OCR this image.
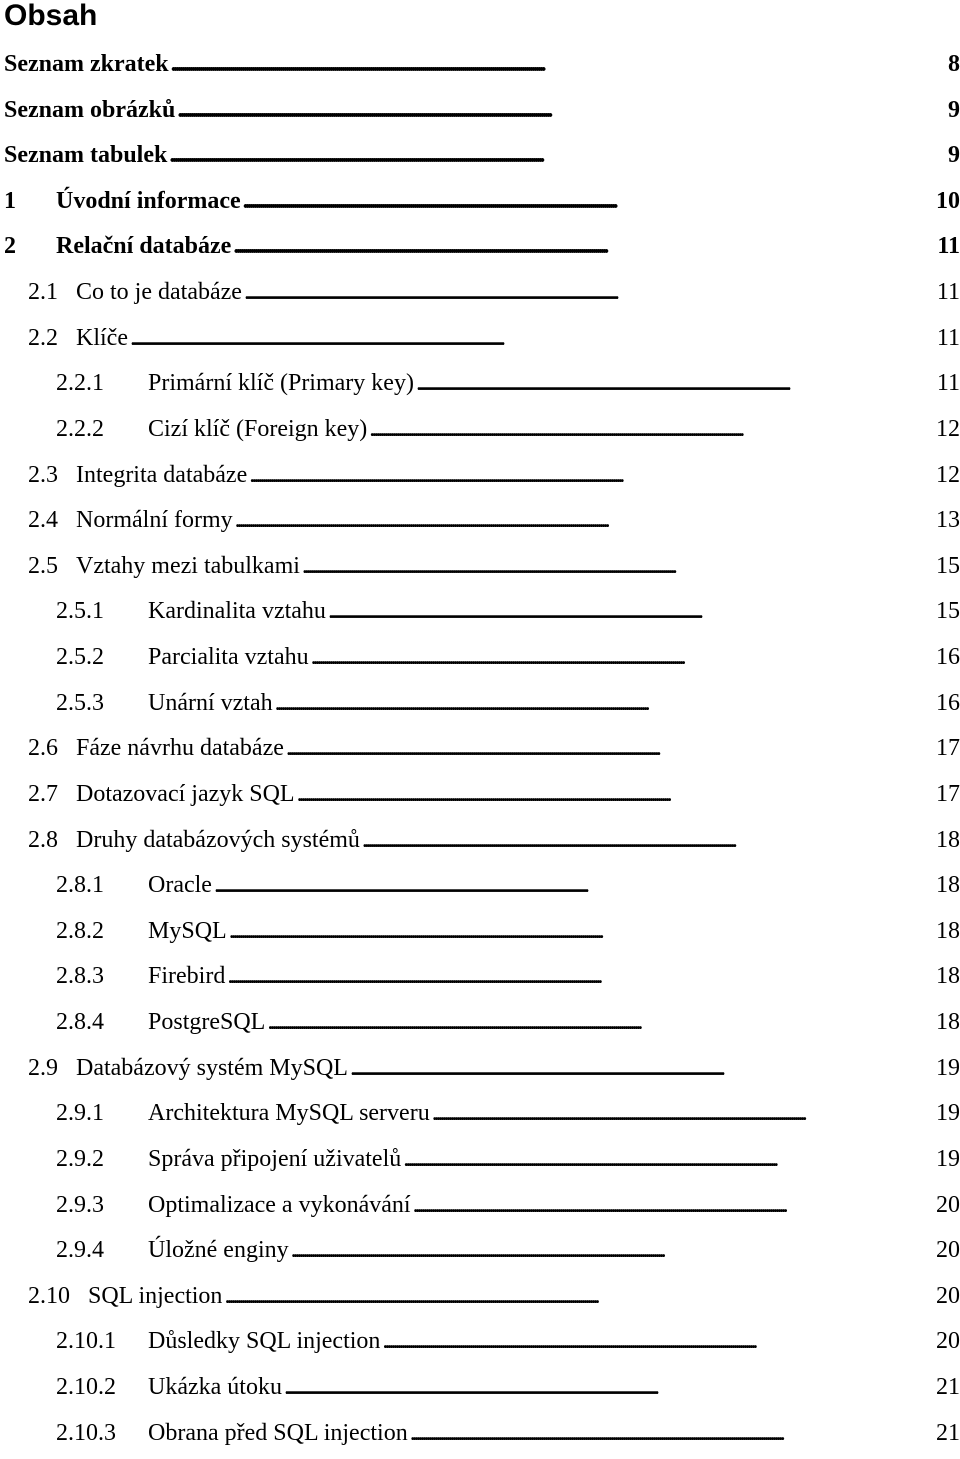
Obsah
Seznam zkratek . . .	8
Seznam obrázků . . .	9
Seznam tabulek . . .	9
1	Úvodní informace . . .	10
2	Relační databáze . . .	11
2.1 Co to je databáze . . .	11
2.2 Klíče . . .	11
2.2.1	Primární klíč (Primary key) . . .	11
2.2.2	Cizí klíč (Foreign key) . . .	12
2.3 Integrita databáze . . .	12
2.4 Normální formy . . .	13
2.5 Vztahy mezi tabulkami . . .	15
2.5.1	Kardinalita vztahu . . .	15
2.5.2	Parcialita vztahu . . .	16
2.5.3	Unární vztah . . .	16
2.6 Fáze návrhu databáze . . .	17
2.7 Dotazovací jazyk SQL . . .	17
2.8 Druhy databázových systémů . . .	18
2.8.1	Oracle . . .	18
2.8.2	MySQL . . .	18
2.8.3	Firebird . . .	18
2.8.4	PostgreSQL . . .	18
2.9 Databázový systém MySQL . . .	19
2.9.1	Architektura MySQL serveru . . .	19
2.9.2	Správa připojení uživatelů . . .	19
2.9.3	Optimalizace a vykonávání . . .	20
2.9.4	Úložné enginy . . .	20
2.10 SQL injection . . .	20
2.10.1	Důsledky SQL injection . . .	20
2.10.2	Ukázka útoku . . .	21
2.10.3	Obrana před SQL injection . . .	21
